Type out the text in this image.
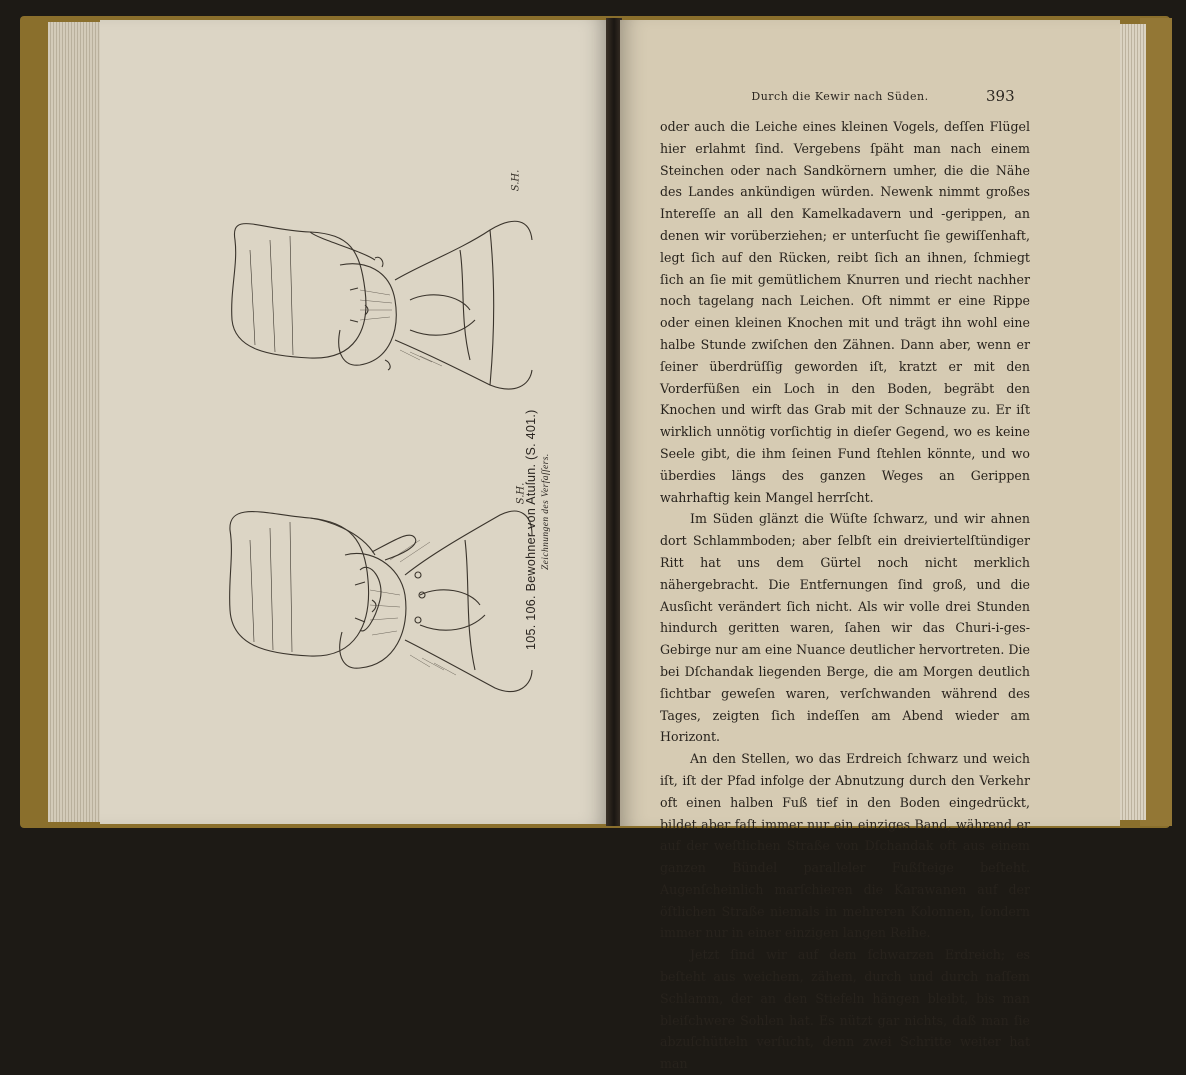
S.H.
S.H.
105. 106. Bewohner von Atuſun. (S. 401.) Zeichnungen des Verfaſſers.
Durch die Kewir nach Süden.	393

oder auch die Leiche eines kleinen Vogels, deſſen Flügel hier erlahmt ſind. Vergebens ſpäht man nach einem Steinchen oder nach Sandkörnern umher, die die Nähe des Landes ankündigen würden. Newenk nimmt großes Intereſſe an all den Kamelkadavern und -gerippen, an denen wir vorüberziehen; er unterſucht ſie gewiſſenhaft, legt ſich auf den Rücken, reibt ſich an ihnen, ſchmiegt ſich an ſie mit gemütlichem Knurren und riecht nachher noch tagelang nach Leichen. Oft nimmt er eine Rippe oder einen kleinen Knochen mit und trägt ihn wohl eine halbe Stunde zwiſchen den Zähnen. Dann aber, wenn er ſeiner überdrüſſig geworden iſt, kratzt er mit den Vorderfüßen ein Loch in den Boden, begräbt den Knochen und wirft das Grab mit der Schnauze zu. Er iſt wirklich unnötig vorſichtig in dieſer Gegend, wo es keine Seele gibt, die ihm ſeinen Fund ſtehlen könnte, und wo überdies längs des ganzen Weges an Gerippen wahrhaftig kein Mangel herrſcht.

Im Süden glänzt die Wüſte ſchwarz, und wir ahnen dort Schlammboden; aber ſelbſt ein dreiviertelſtündiger Ritt hat uns dem Gürtel noch nicht merklich nähergebracht. Die Entfernungen ſind groß, und die Ausſicht verändert ſich nicht. Als wir volle drei Stunden hindurch geritten waren, ſahen wir das Churi-i-ges-Gebirge nur am eine Nuance deutlicher hervortreten. Die bei Dſchandak liegenden Berge, die am Morgen deutlich ſichtbar geweſen waren, verſchwanden während des Tages, zeigten ſich indeſſen am Abend wieder am Horizont.

An den Stellen, wo das Erdreich ſchwarz und weich iſt, iſt der Pfad infolge der Abnutzung durch den Verkehr oft einen halben Fuß tief in den Boden eingedrückt, bildet aber faſt immer nur ein einziges Band, während er auf der weſtlichen Straße von Dſchandak oft aus einem ganzen Bündel paralleler Fußſteige beſteht. Augenſcheinlich marſchieren die Karawanen auf der öſtlichen Straße niemals in mehreren Kolonnen, ſondern immer nur in einer einzigen langen Reihe.

Jetzt ſind wir auf dem ſchwarzen Erdreich; es beſteht aus weichem, zähem, durch und durch naſſem Schlamm, der an den Stiefeln hängen bleibt, bis man bleiſchwere Sohlen hat. Es nützt gar nichts, daß man ſie abzuſchütteln verſucht, denn zwei Schritte weiter hat man
